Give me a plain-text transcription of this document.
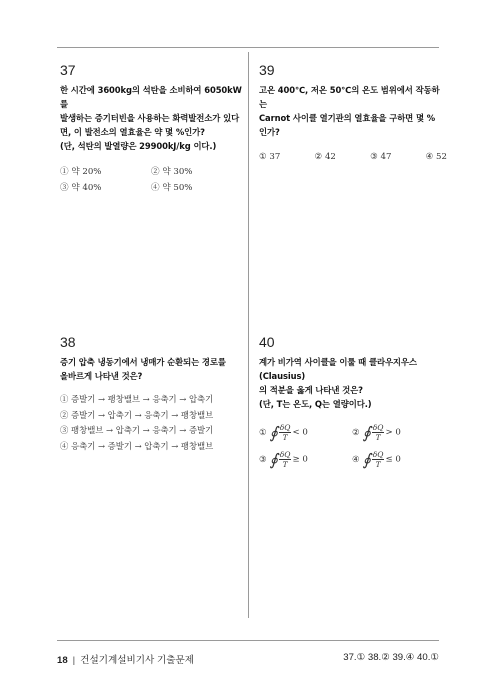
37
한 시간에 3600kg의 석탄을 소비하여 6050kW를
발생하는 증기터빈을 사용하는 화력발전소가 있다
면, 이 발전소의 열효율은 약 몇 %인가?
(단, 석탄의 발열량은 29900kJ/kg 이다.)
① 약 20%	② 약 30%
③ 약 40%	④ 약 50%
39
고온 400℃, 저온 50℃의 온도 범위에서 작동하는
Carnot 사이클 열기관의 열효율을 구하면 몇 %
인가?
① 37	② 42	③ 47	④ 52
38
증기 압축 냉동기에서 냉매가 순환되는 경로를
올바르게 나타낸 것은?
① 증발기 → 팽창밸브 → 응축기 → 압축기
② 증발기 → 압축기 → 응축기 → 팽창밸브
③ 팽창밸브 → 압축기 → 응축기 → 증발기
④ 응축기 → 증발기 → 압축기 → 팽창밸브
40
계가 비가역 사이클을 이룰 때 클라우지우스(Clausius)
의 적분을 옳게 나타낸 것은?
(단, T는 온도, Q는 열량이다.)
① ∮ $\frac{\delta Q}{T} < 0$	② ∮ $\frac{\delta Q}{T} > 0$
③ ∮ $\frac{\delta Q}{T} \ge 0$	④ ∮ $\frac{\delta Q}{T} \le 0$
18 | 건설기계설비기사 기출문제	37.① 38.② 39.④ 40.①
